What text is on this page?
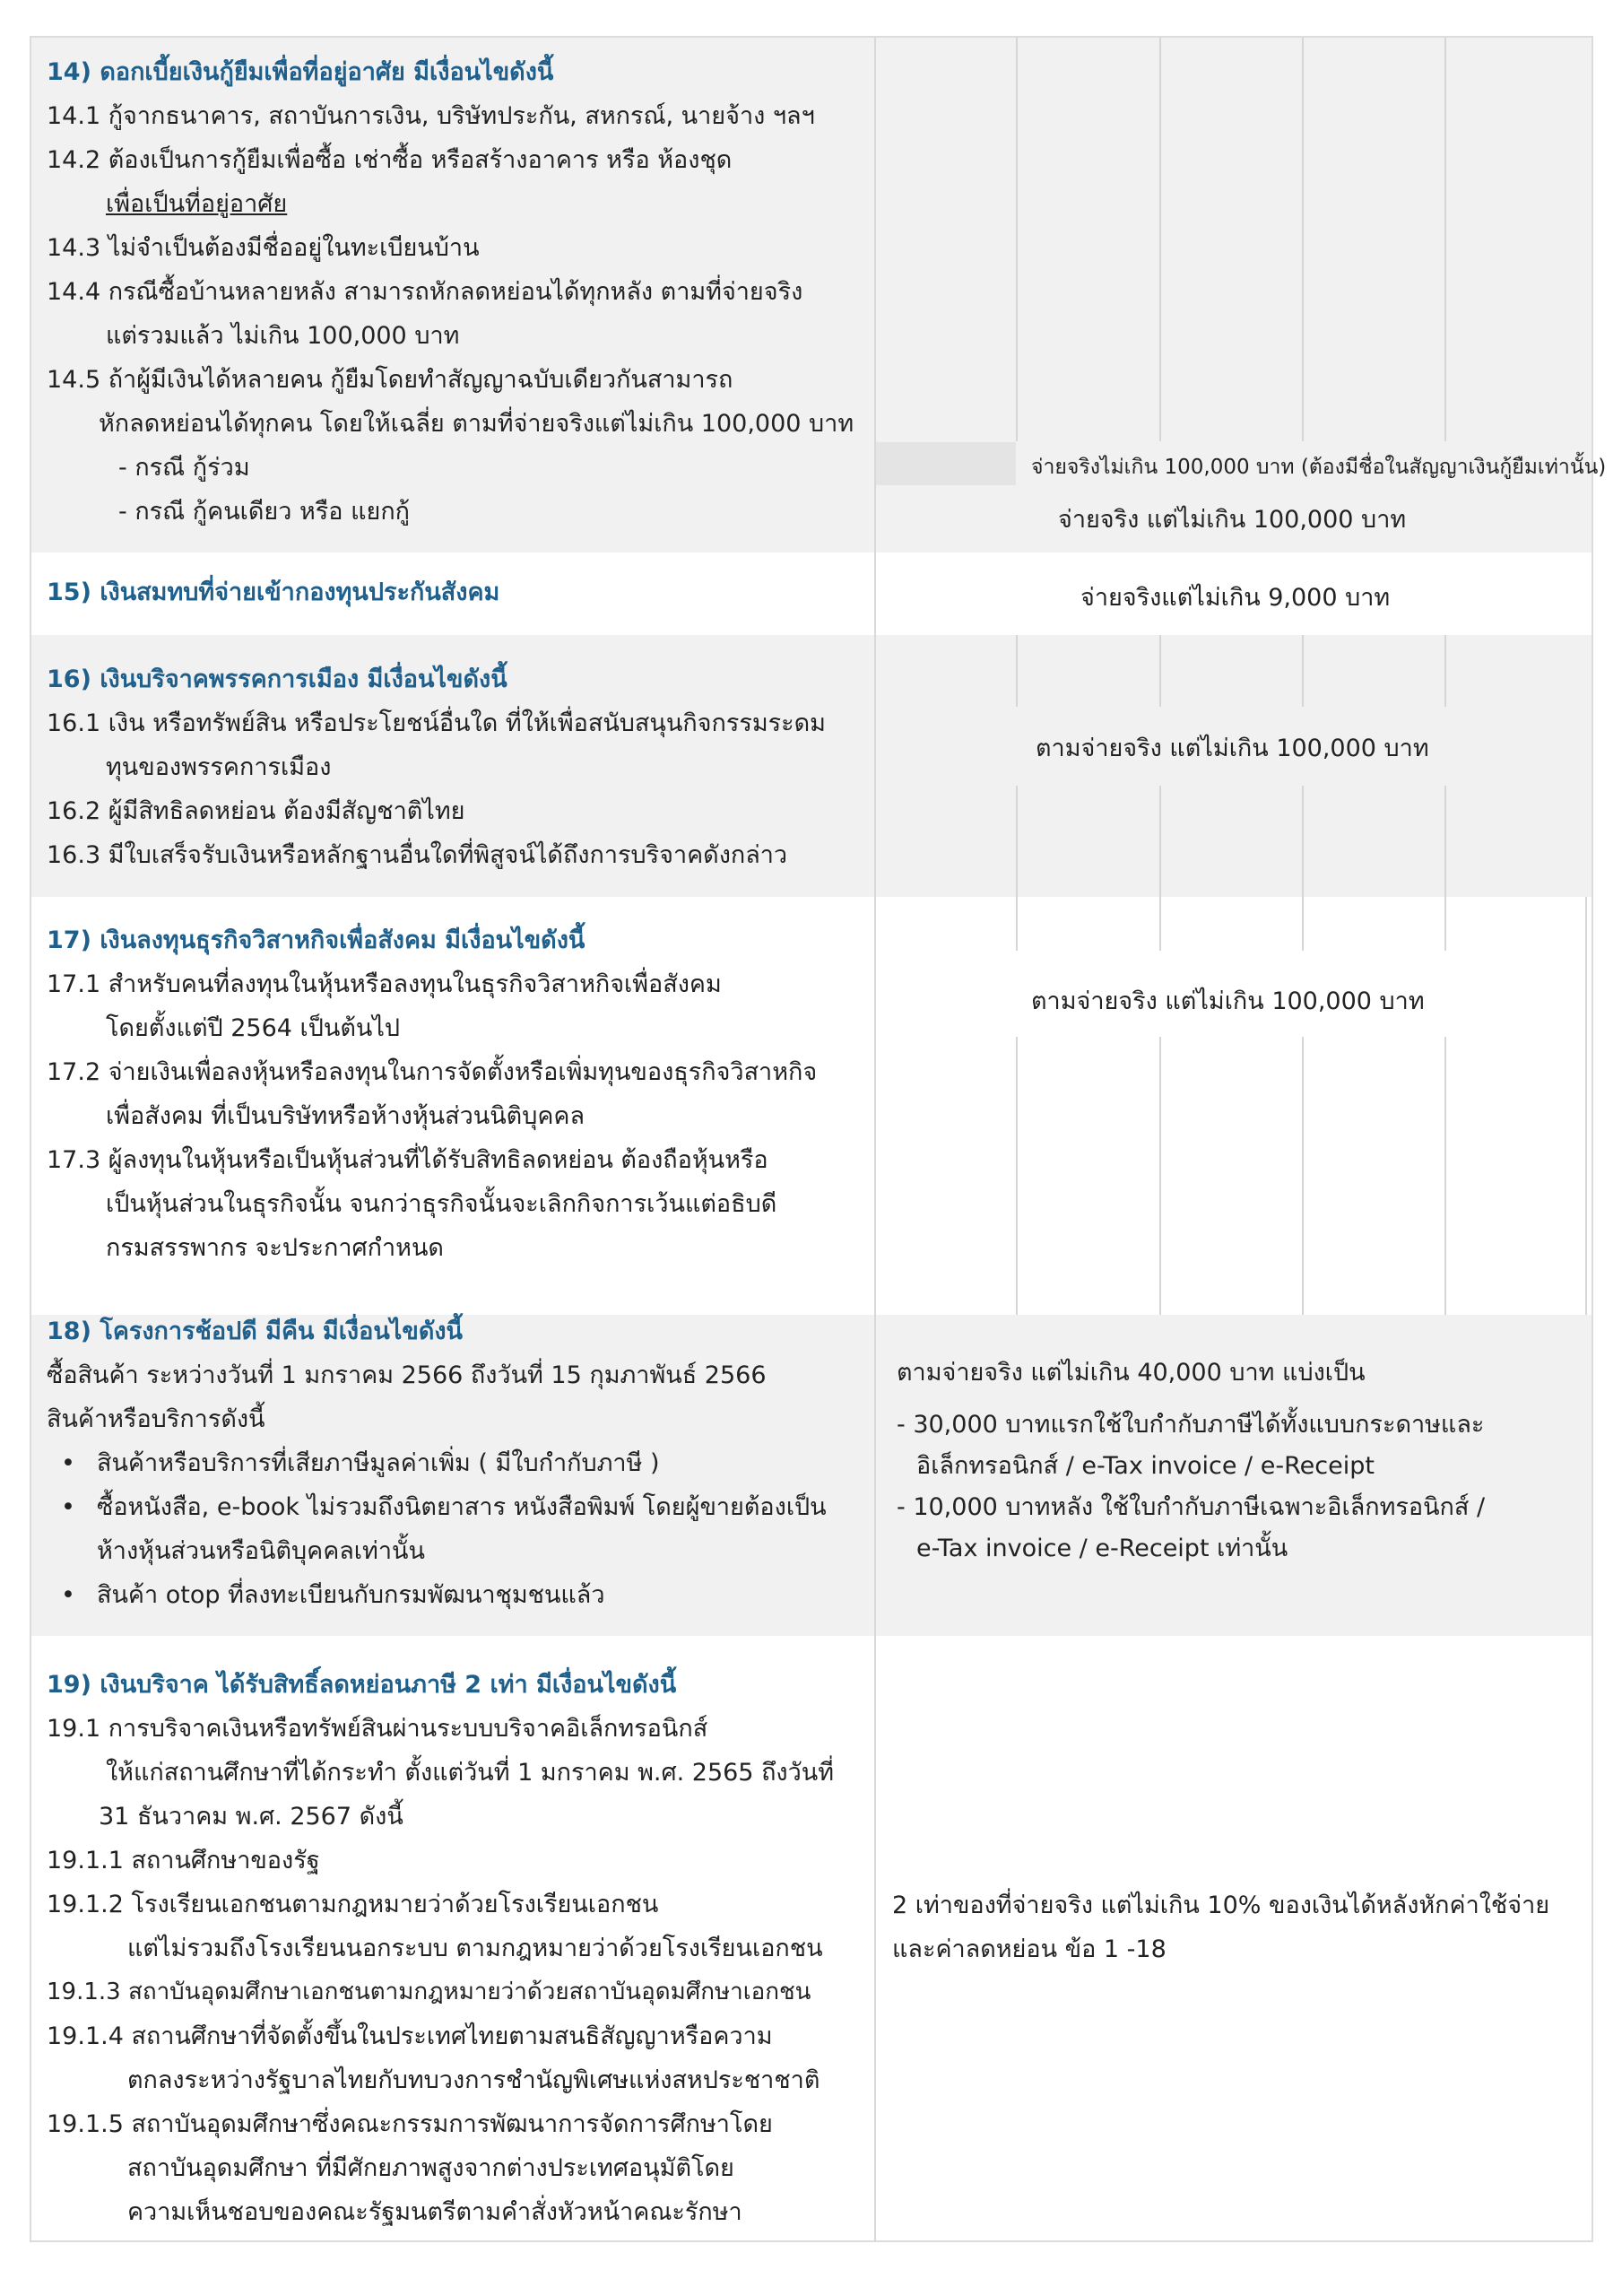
14) ดอกเบี้ยเงินกู้ยืมเพื่อที่อยู่อาศัย มีเงื่อนไขดังนี้

14.1 กู้จากธนาคาร, สถาบันการเงิน, บริษัทประกัน, สหกรณ์, นายจ้าง ฯลฯ

14.2 ต้องเป็นการกู้ยืมเพื่อซื้อ เช่าซื้อ หรือสร้างอาคาร หรือ ห้องชุด

เพื่อเป็นที่อยู่อาศัย

14.3 ไม่จำเป็นต้องมีชื่ออยู่ในทะเบียนบ้าน

14.4 กรณีซื้อบ้านหลายหลัง สามารถหักลดหย่อนได้ทุกหลัง ตามที่จ่ายจริง

แต่รวมแล้ว ไม่เกิน 100,000 บาท

14.5 ถ้าผู้มีเงินได้หลายคน กู้ยืมโดยทำสัญญาฉบับเดียวกันสามารถ

หักลดหย่อนได้ทุกคน โดยให้เฉลี่ย ตามที่จ่ายจริงแต่ไม่เกิน 100,000 บาท

- กรณี กู้ร่วม

- กรณี กู้คนเดียว หรือ แยกกู้

จ่ายจริงไม่เกิน 100,000 บาท (ต้องมีชื่อในสัญญาเงินกู้ยืมเท่านั้น)
จ่ายจริง แต่ไม่เกิน 100,000 บาท

15) เงินสมทบที่จ่ายเข้ากองทุนประกันสังคม	จ่ายจริงแต่ไม่เกิน 9,000 บาท

16) เงินบริจาคพรรคการเมือง มีเงื่อนไขดังนี้

16.1 เงิน หรือทรัพย์สิน หรือประโยชน์อื่นใด ที่ให้เพื่อสนับสนุนกิจกรรมระดม

ทุนของพรรคการเมือง

16.2 ผู้มีสิทธิลดหย่อน ต้องมีสัญชาติไทย

16.3 มีใบเสร็จรับเงินหรือหลักฐานอื่นใดที่พิสูจน์ได้ถึงการบริจาคดังกล่าว

ตามจ่ายจริง แต่ไม่เกิน 100,000 บาท

17) เงินลงทุนธุรกิจวิสาหกิจเพื่อสังคม มีเงื่อนไขดังนี้

17.1 สำหรับคนที่ลงทุนในหุ้นหรือลงทุนในธุรกิจวิสาหกิจเพื่อสังคม

โดยตั้งแต่ปี 2564 เป็นต้นไป

17.2 จ่ายเงินเพื่อลงหุ้นหรือลงทุนในการจัดตั้งหรือเพิ่มทุนของธุรกิจวิสาหกิจ

เพื่อสังคม ที่เป็นบริษัทหรือห้างหุ้นส่วนนิติบุคคล

17.3 ผู้ลงทุนในหุ้นหรือเป็นหุ้นส่วนที่ได้รับสิทธิลดหย่อน ต้องถือหุ้นหรือ

เป็นหุ้นส่วนในธุรกิจนั้น จนกว่าธุรกิจนั้นจะเลิกกิจการเว้นแต่อธิบดี

กรมสรรพากร จะประกาศกำหนด

ตามจ่ายจริง แต่ไม่เกิน 100,000 บาท

18) โครงการช้อปดี มีคืน มีเงื่อนไขดังนี้

ซื้อสินค้า ระหว่างวันที่ 1 มกราคม 2566 ถึงวันที่ 15 กุมภาพันธ์ 2566

สินค้าหรือบริการดังนี้

• สินค้าหรือบริการที่เสียภาษีมูลค่าเพิ่ม ( มีใบกำกับภาษี )

• ซื้อหนังสือ, e-book ไม่รวมถึงนิตยาสาร หนังสือพิมพ์ โดยผู้ขายต้องเป็น

ห้างหุ้นส่วนหรือนิติบุคคลเท่านั้น

• สินค้า otop ที่ลงทะเบียนกับกรมพัฒนาชุมชนแล้ว

ตามจ่ายจริง แต่ไม่เกิน 40,000 บาท แบ่งเป็น

- 30,000 บาทแรกใช้ใบกำกับภาษีได้ทั้งแบบกระดาษและ

อิเล็กทรอนิกส์ / e-Tax invoice / e-Receipt

- 10,000 บาทหลัง ใช้ใบกำกับภาษีเฉพาะอิเล็กทรอนิกส์ /

e-Tax invoice / e-Receipt เท่านั้น

19) เงินบริจาค ได้รับสิทธิ์ลดหย่อนภาษี 2 เท่า มีเงื่อนไขดังนี้

19.1 การบริจาคเงินหรือทรัพย์สินผ่านระบบบริจาคอิเล็กทรอนิกส์

ให้แก่สถานศึกษาที่ได้กระทำ ตั้งแต่วันที่ 1 มกราคม พ.ศ. 2565 ถึงวันที่

31 ธันวาคม พ.ศ. 2567 ดังนี้

19.1.1 สถานศึกษาของรัฐ

19.1.2 โรงเรียนเอกชนตามกฎหมายว่าด้วยโรงเรียนเอกชน

แต่ไม่รวมถึงโรงเรียนนอกระบบ ตามกฎหมายว่าด้วยโรงเรียนเอกชน

19.1.3 สถาบันอุดมศึกษาเอกชนตามกฎหมายว่าด้วยสถาบันอุดมศึกษาเอกชน

19.1.4 สถานศึกษาที่จัดตั้งขึ้นในประเทศไทยตามสนธิสัญญาหรือความ

ตกลงระหว่างรัฐบาลไทยกับทบวงการชำนัญพิเศษแห่งสหประชาชาติ

19.1.5 สถาบันอุดมศึกษาซึ่งคณะกรรมการพัฒนาการจัดการศึกษาโดย

สถาบันอุดมศึกษา ที่มีศักยภาพสูงจากต่างประเทศอนุมัติโดย

ความเห็นชอบของคณะรัฐมนตรีตามคำสั่งหัวหน้าคณะรักษา

2 เท่าของที่จ่ายจริง แต่ไม่เกิน 10% ของเงินได้หลังหักค่าใช้จ่าย

และค่าลดหย่อน ข้อ 1 -18
